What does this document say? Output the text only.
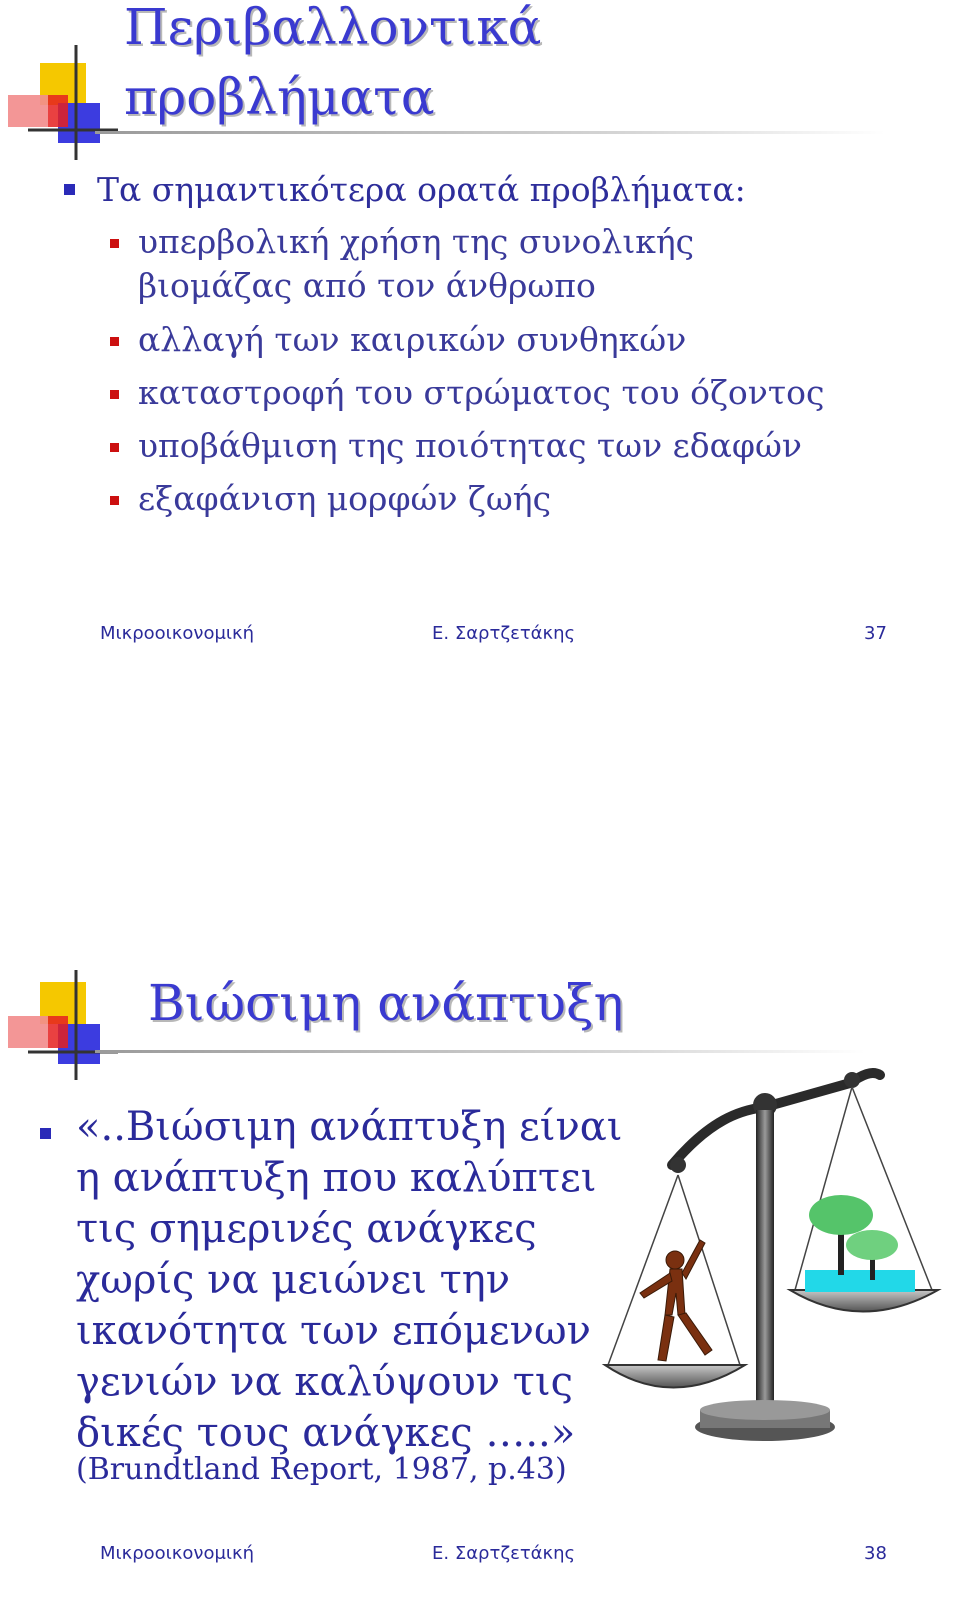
Περιβαλλοντικά
προβλήματα
Τα σημαντικότερα ορατά προβλήματα:
υπερβολική χρήση της συνολικής βιομάζας από τον άνθρωπο
αλλαγή των καιρικών συνθηκών
καταστροφή του στρώματος του όζοντος
υποβάθμιση της ποιότητας των εδαφών
εξαφάνιση μορφών ζωής
Μικροοικονομική	Ε. Σαρτζετάκης	37
Βιώσιμη ανάπτυξη

«..Βιώσιμη ανάπτυξη είναι η ανάπτυξη που καλύπτει τις σημερινές ανάγκες χωρίς να μειώνει την ικανότητα των επόμενων γενιών να καλύψουν τις δικές τους ανάγκες …..»

(Brundtland Report, 1987, p.43)
Μικροοικονομική	Ε. Σαρτζετάκης	38
